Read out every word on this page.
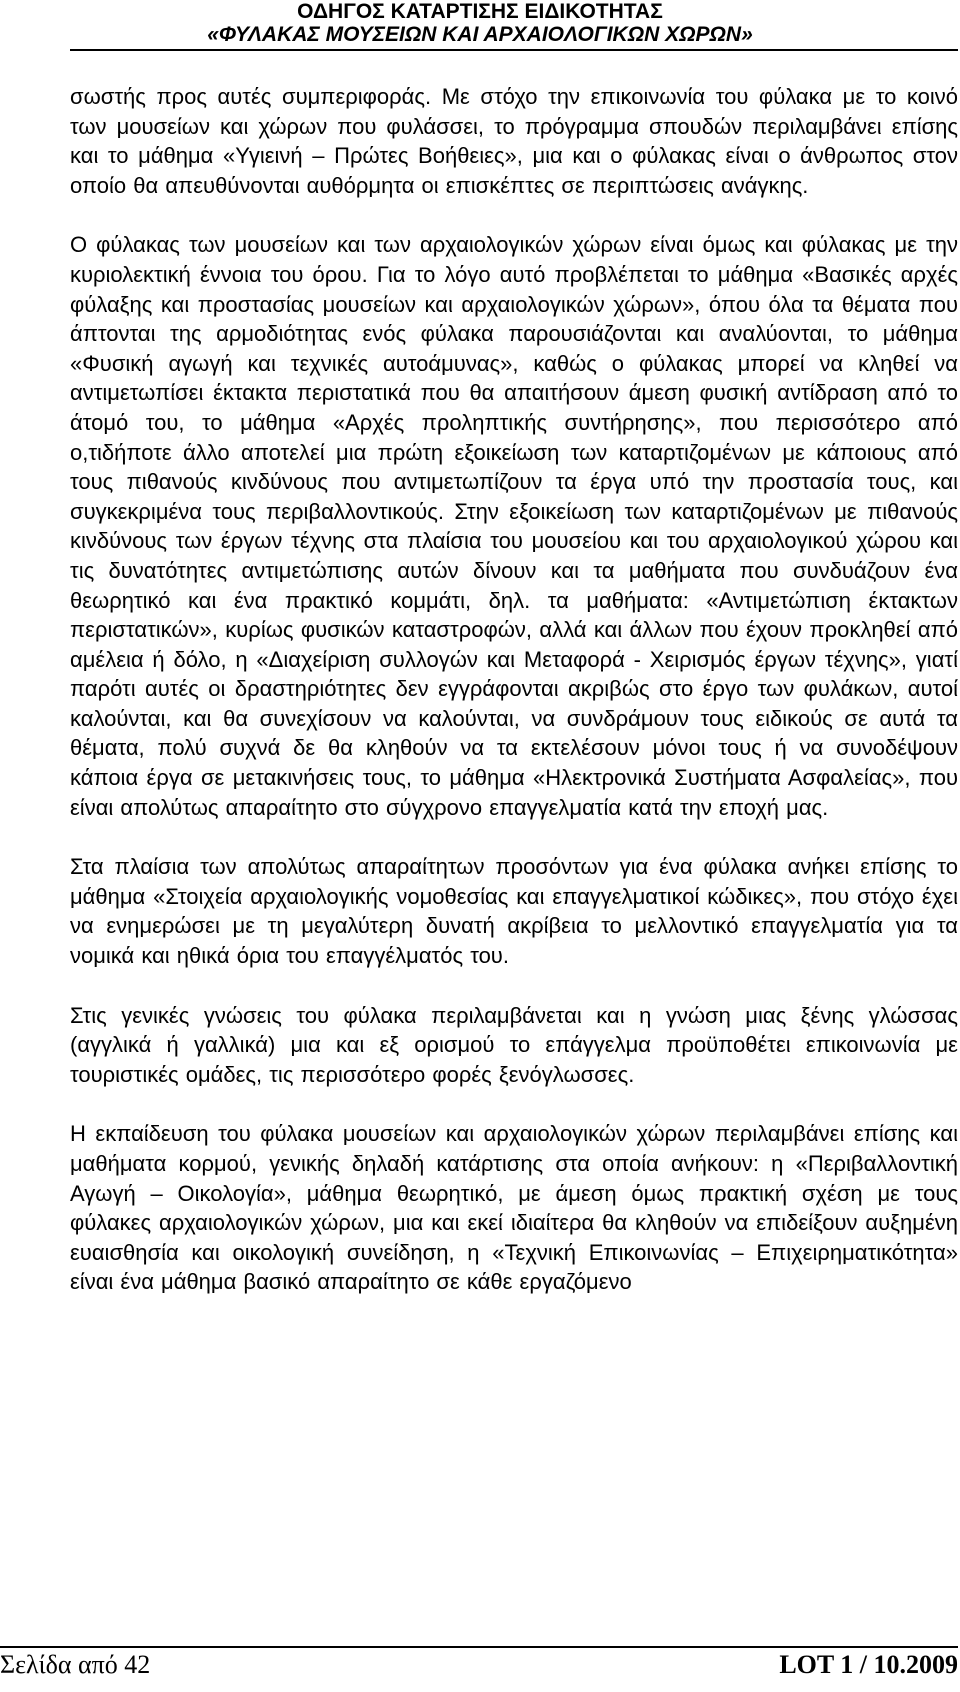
ΟΔΗΓΟΣ ΚΑΤΑΡΤΙΣΗΣ ΕΙΔΙΚΟΤΗΤΑΣ
«ΦΥΛΑΚΑΣ ΜΟΥΣΕΙΩΝ ΚΑΙ ΑΡΧΑΙΟΛΟΓΙΚΩΝ ΧΩΡΩΝ»

σωστής προς αυτές συμπεριφοράς. Με στόχο την επικοινωνία του φύλακα με το κοινό των μουσείων και χώρων που φυλάσσει, το πρόγραμμα σπουδών περιλαμβάνει επίσης και το μάθημα «Υγιεινή – Πρώτες Βοήθειες», μια και ο φύλακας είναι ο άνθρωπος στον οποίο θα απευθύνονται αυθόρμητα οι επισκέπτες σε περιπτώσεις ανάγκης.

Ο φύλακας των μουσείων και των αρχαιολογικών χώρων είναι όμως και φύλακας με την κυριολεκτική έννοια του όρου. Για το λόγο αυτό προβλέπεται το μάθημα «Βασικές αρχές φύλαξης και προστασίας μουσείων και αρχαιολογικών χώρων», όπου όλα τα θέματα που άπτονται της αρμοδιότητας ενός φύλακα παρουσιάζονται και αναλύονται, το μάθημα «Φυσική αγωγή και τεχνικές αυτοάμυνας», καθώς ο φύλακας μπορεί να κληθεί να αντιμετωπίσει έκτακτα περιστατικά που θα απαιτήσουν άμεση φυσική αντίδραση από το άτομό του, το μάθημα «Αρχές προληπτικής συντήρησης», που περισσότερο από ο,τιδήποτε άλλο αποτελεί μια πρώτη εξοικείωση των καταρτιζομένων με κάποιους από τους πιθανούς κινδύνους που αντιμετωπίζουν τα έργα υπό την προστασία τους, και συγκεκριμένα τους περιβαλλοντικούς. Στην εξοικείωση των καταρτιζομένων με πιθανούς κινδύνους των έργων τέχνης στα πλαίσια του μουσείου και του αρχαιολογικού χώρου και τις δυνατότητες αντιμετώπισης αυτών δίνουν και τα μαθήματα που συνδυάζουν ένα θεωρητικό και ένα πρακτικό κομμάτι, δηλ. τα μαθήματα: «Αντιμετώπιση έκτακτων περιστατικών», κυρίως φυσικών καταστροφών, αλλά και άλλων που έχουν προκληθεί από αμέλεια ή δόλο, η «Διαχείριση συλλογών και Μεταφορά - Χειρισμός έργων τέχνης», γιατί παρότι αυτές οι δραστηριότητες δεν εγγράφονται ακριβώς στο έργο των φυλάκων, αυτοί καλούνται, και θα συνεχίσουν να καλούνται, να συνδράμουν τους ειδικούς σε αυτά τα θέματα, πολύ συχνά δε θα κληθούν να τα εκτελέσουν μόνοι τους ή να συνοδέψουν κάποια έργα σε μετακινήσεις τους, το μάθημα «Ηλεκτρονικά Συστήματα Ασφαλείας», που είναι απολύτως απαραίτητο στο σύγχρονο επαγγελματία κατά την εποχή μας.

Στα πλαίσια των απολύτως απαραίτητων προσόντων για ένα φύλακα ανήκει επίσης το μάθημα «Στοιχεία αρχαιολογικής νομοθεσίας και επαγγελματικοί κώδικες», που στόχο έχει να ενημερώσει με τη μεγαλύτερη δυνατή ακρίβεια το μελλοντικό επαγγελματία για τα νομικά και ηθικά όρια του επαγγέλματός του.

Στις γενικές γνώσεις του φύλακα περιλαμβάνεται και η γνώση μιας ξένης γλώσσας (αγγλικά ή γαλλικά) μια και εξ ορισμού το επάγγελμα προϋποθέτει επικοινωνία με τουριστικές ομάδες, τις περισσότερο φορές ξενόγλωσσες.

Η εκπαίδευση του φύλακα μουσείων και αρχαιολογικών χώρων περιλαμβάνει επίσης και μαθήματα κορμού, γενικής δηλαδή κατάρτισης στα οποία ανήκουν: η «Περιβαλλοντική Αγωγή – Οικολογία», μάθημα θεωρητικό, με άμεση όμως πρακτική σχέση με τους φύλακες αρχαιολογικών χώρων, μια και εκεί ιδιαίτερα θα κληθούν να επιδείξουν αυξημένη ευαισθησία και οικολογική συνείδηση, η «Τεχνική Επικοινωνίας – Επιχειρηματικότητα» είναι ένα μάθημα βασικό απαραίτητο σε κάθε εργαζόμενο

Σελίδα από 42	LOT 1 / 10.2009
